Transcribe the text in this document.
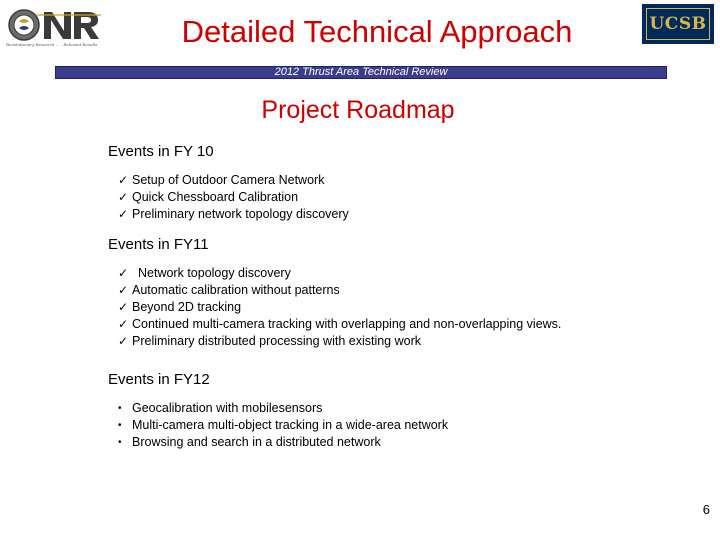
Revolutionary Research . . . Relevant Results	Detailed Technical Approach	UCSB
2012 Thrust Area Technical Review
Project Roadmap
Events in FY 10
✓ Setup of Outdoor Camera Network
✓ Quick Chessboard Calibration
✓ Preliminary network topology discovery
Events in FY11
✓ Network topology discovery
✓ Automatic calibration without patterns
✓ Beyond 2D tracking
✓ Continued multi-camera tracking with overlapping and non-overlapping views.
✓ Preliminary distributed processing with existing work
Events in FY12
• Geocalibration with mobilesensors
• Multi-camera multi-object tracking in a wide-area network
• Browsing and search in a distributed network
6
